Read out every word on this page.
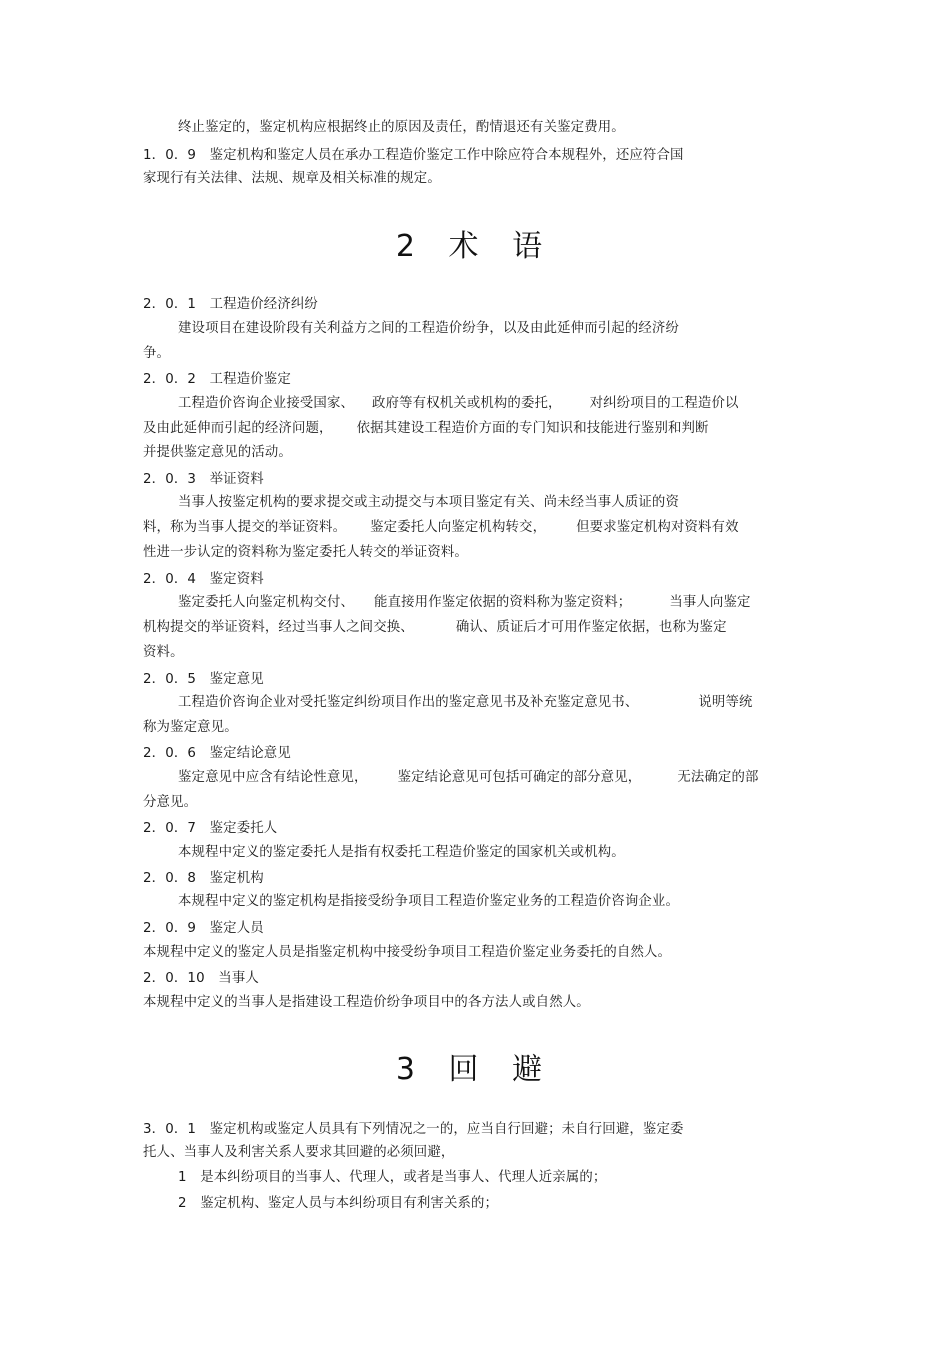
终止鉴定的，鉴定机构应根据终止的原因及责任，酌情退还有关鉴定费用。
1．0．9　鉴定机构和鉴定人员在承办工程造价鉴定工作中除应符合本规程外，还应符合国
家现行有关法律、法规、规章及相关标准的规定。
2 术 语
2．0．1　工程造价经济纠纷
建设项目在建设阶段有关利益方之间的工程造价纷争，以及由此延伸而引起的经济纷
争。
2．0．2　工程造价鉴定
工程造价咨询企业接受国家、 政府等有权机关或机构的委托， 对纠纷项目的工程造价以
及由此延伸而引起的经济问题， 依据其建设工程造价方面的专门知识和技能进行鉴别和判断
并提供鉴定意见的活动。
2．0．3　举证资料
当事人按鉴定机构的要求提交或主动提交与本项目鉴定有关、尚未经当事人质证的资
料，称为当事人提交的举证资料。 鉴定委托人向鉴定机构转交， 但要求鉴定机构对资料有效
性进一步认定的资料称为鉴定委托人转交的举证资料。
2．0．4　鉴定资料
鉴定委托人向鉴定机构交付、 能直接用作鉴定依据的资料称为鉴定资料；	当事人向鉴定
机构提交的举证资料，经过当事人之间交换、	确认、质证后才可用作鉴定依据，也称为鉴定
资料。
2．0．5　鉴定意见
工程造价咨询企业对受托鉴定纠纷项目作出的鉴定意见书及补充鉴定意见书、	说明等统
称为鉴定意见。
2．0．6　鉴定结论意见
鉴定意见中应含有结论性意见， 鉴定结论意见可包括可确定的部分意见，	无法确定的部
分意见。
2．0．7　鉴定委托人
本规程中定义的鉴定委托人是指有权委托工程造价鉴定的国家机关或机构。
2．0．8　鉴定机构
本规程中定义的鉴定机构是指接受纷争项目工程造价鉴定业务的工程造价咨询企业。
2．0．9　鉴定人员
本规程中定义的鉴定人员是指鉴定机构中接受纷争项目工程造价鉴定业务委托的自然人。
2．0．10　当事人
本规程中定义的当事人是指建设工程造价纷争项目中的各方法人或自然人。
3 回 避
3．0．1　鉴定机构或鉴定人员具有下列情况之一的，应当自行回避；未自行回避，鉴定委
托人、当事人及利害关系人要求其回避的必须回避，
1　是本纠纷项目的当事人、代理人，或者是当事人、代理人近亲属的；
2　鉴定机构、鉴定人员与本纠纷项目有利害关系的；
